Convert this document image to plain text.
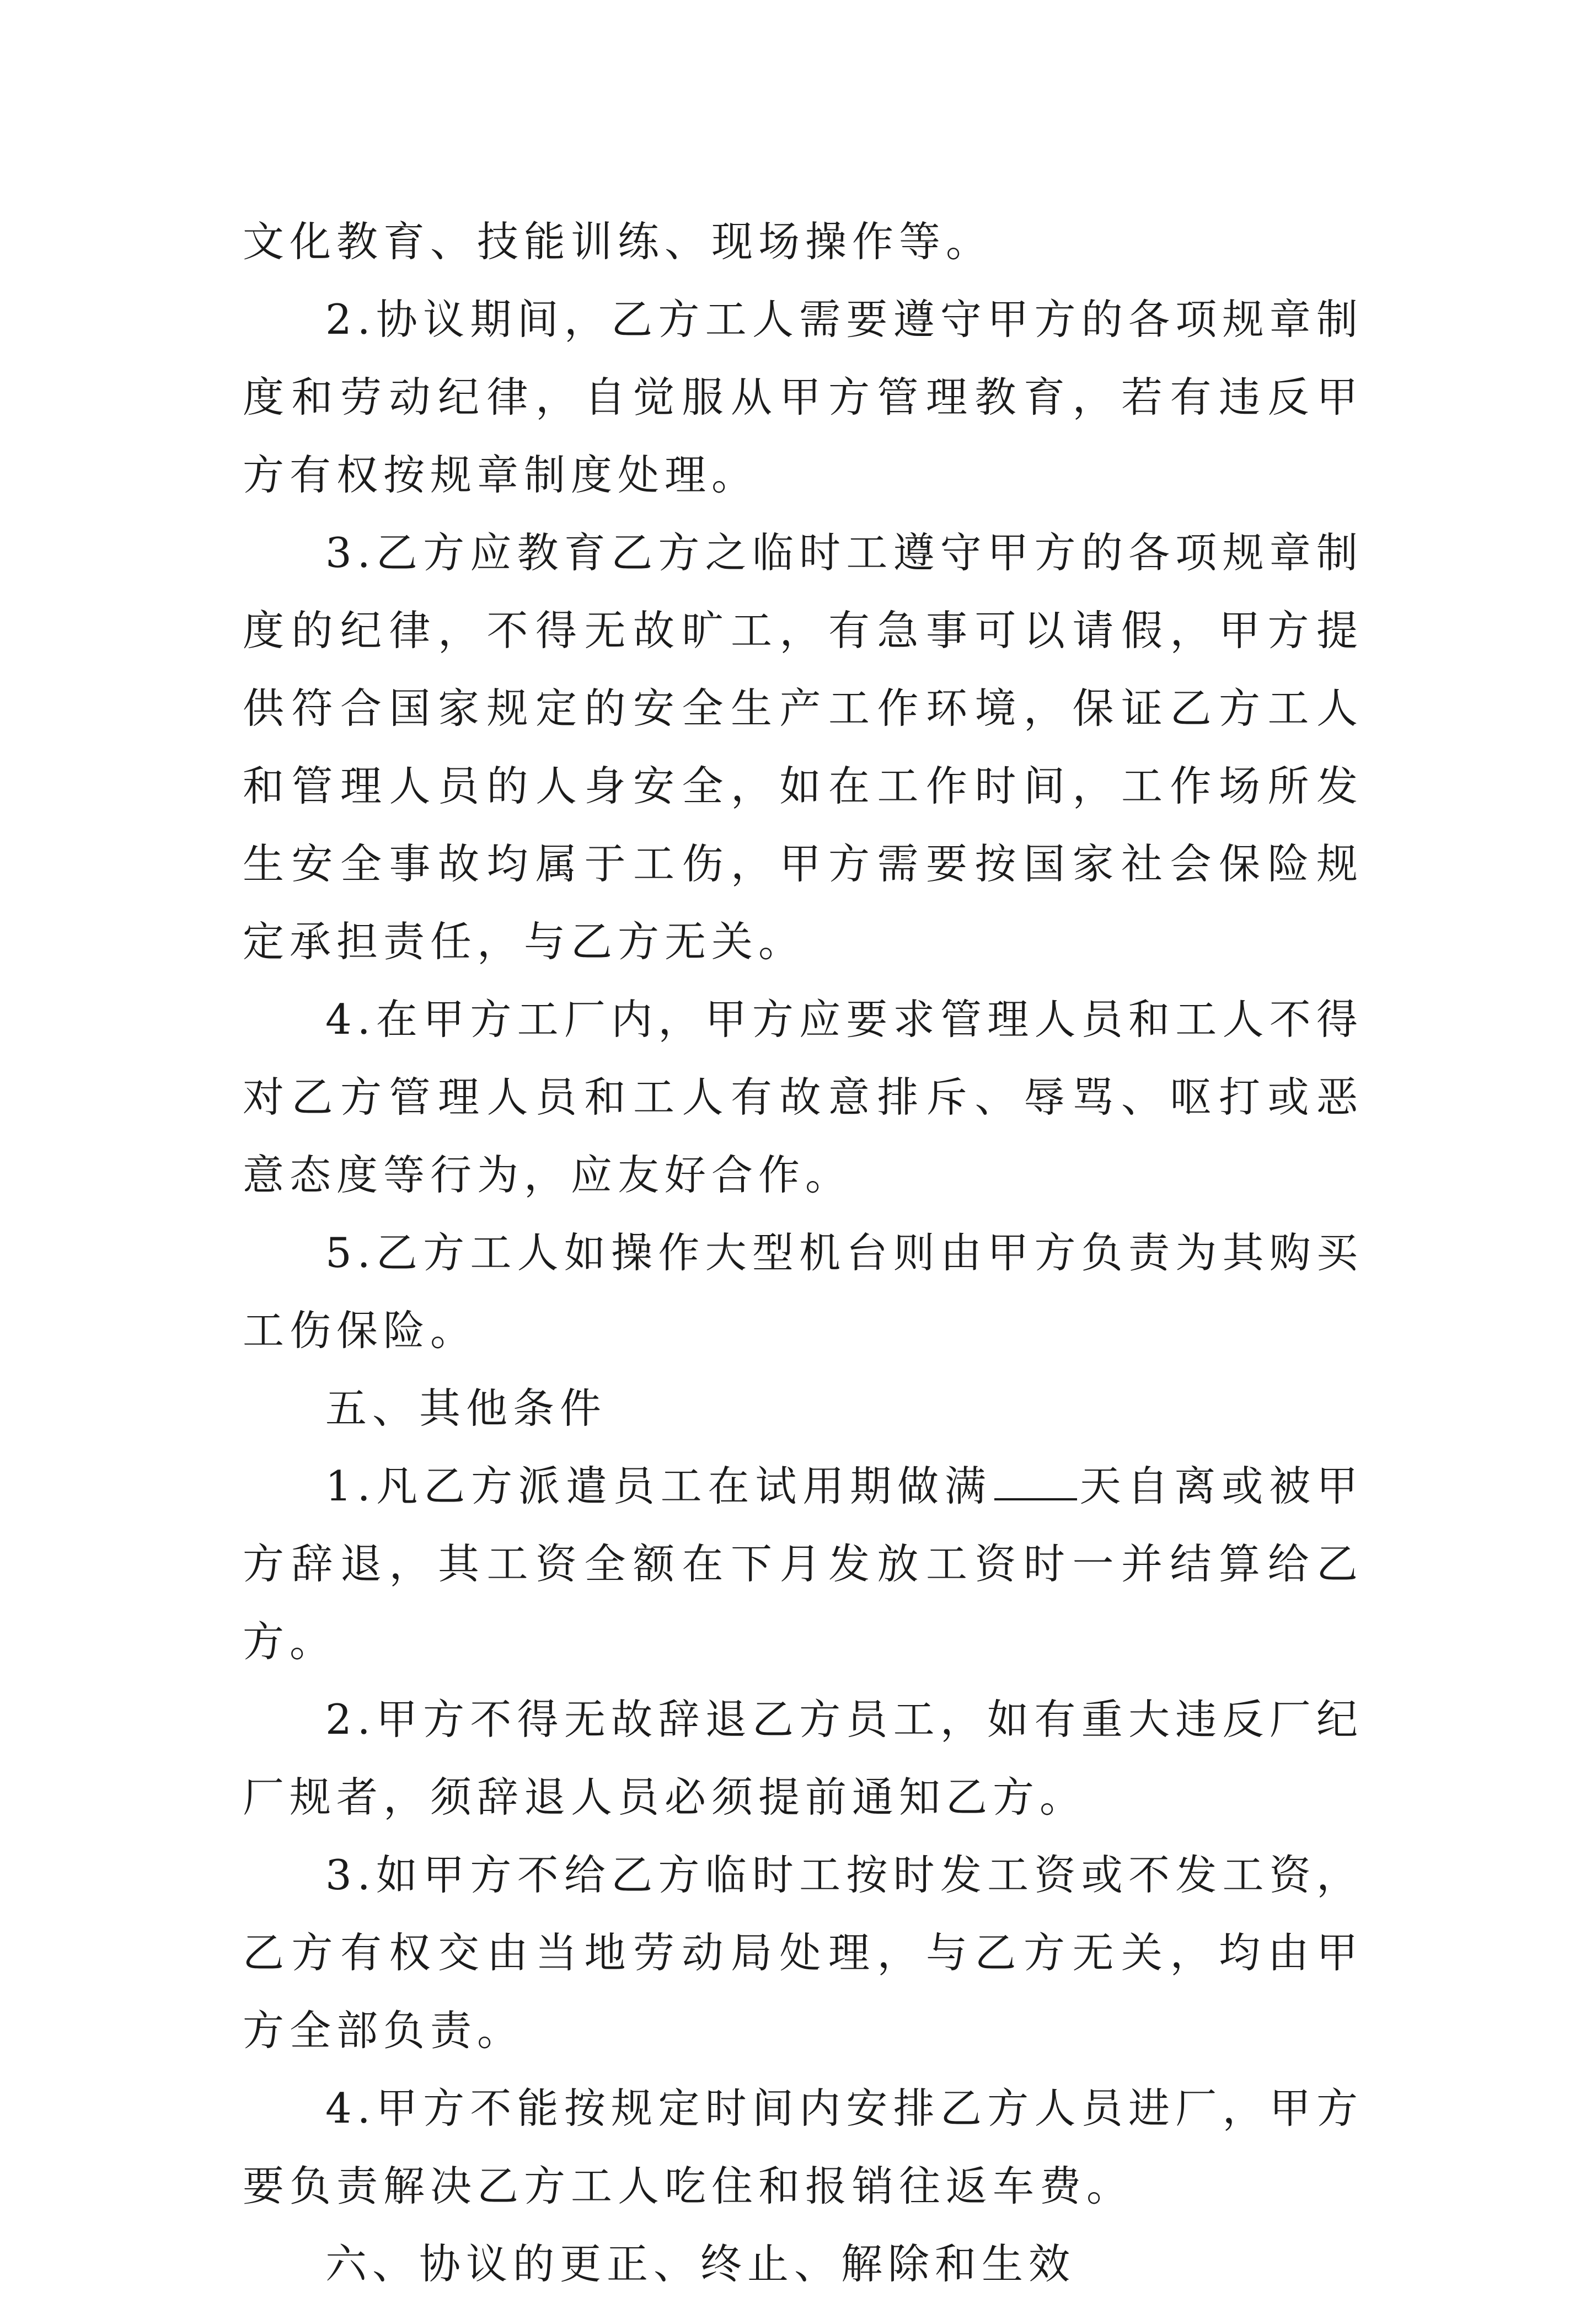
文化教育、技能训练、现场操作等。

2.协议期间，乙方工人需要遵守甲方的各项规章制度和劳动纪律，自觉服从甲方管理教育，若有违反甲方有权按规章制度处理。

3.乙方应教育乙方之临时工遵守甲方的各项规章制度的纪律，不得无故旷工，有急事可以请假，甲方提供符合国家规定的安全生产工作环境，保证乙方工人和管理人员的人身安全，如在工作时间，工作场所发生安全事故均属于工伤，甲方需要按国家社会保险规定承担责任，与乙方无关。

4.在甲方工厂内，甲方应要求管理人员和工人不得对乙方管理人员和工人有故意排斥、辱骂、呕打或恶意态度等行为，应友好合作。

5.乙方工人如操作大型机台则由甲方负责为其购买工伤保险。

五、其他条件

1.凡乙方派遣员工在试用期做满 天自离或被甲方辞退，其工资全额在下月发放工资时一并结算给乙方。

2.甲方不得无故辞退乙方员工，如有重大违反厂纪厂规者，须辞退人员必须提前通知乙方。

3.如甲方不给乙方临时工按时发工资或不发工资，乙方有权交由当地劳动局处理，与乙方无关，均由甲方全部负责。

4.甲方不能按规定时间内安排乙方人员进厂，甲方要负责解决乙方工人吃住和报销往返车费。

六、协议的更正、终止、解除和生效
